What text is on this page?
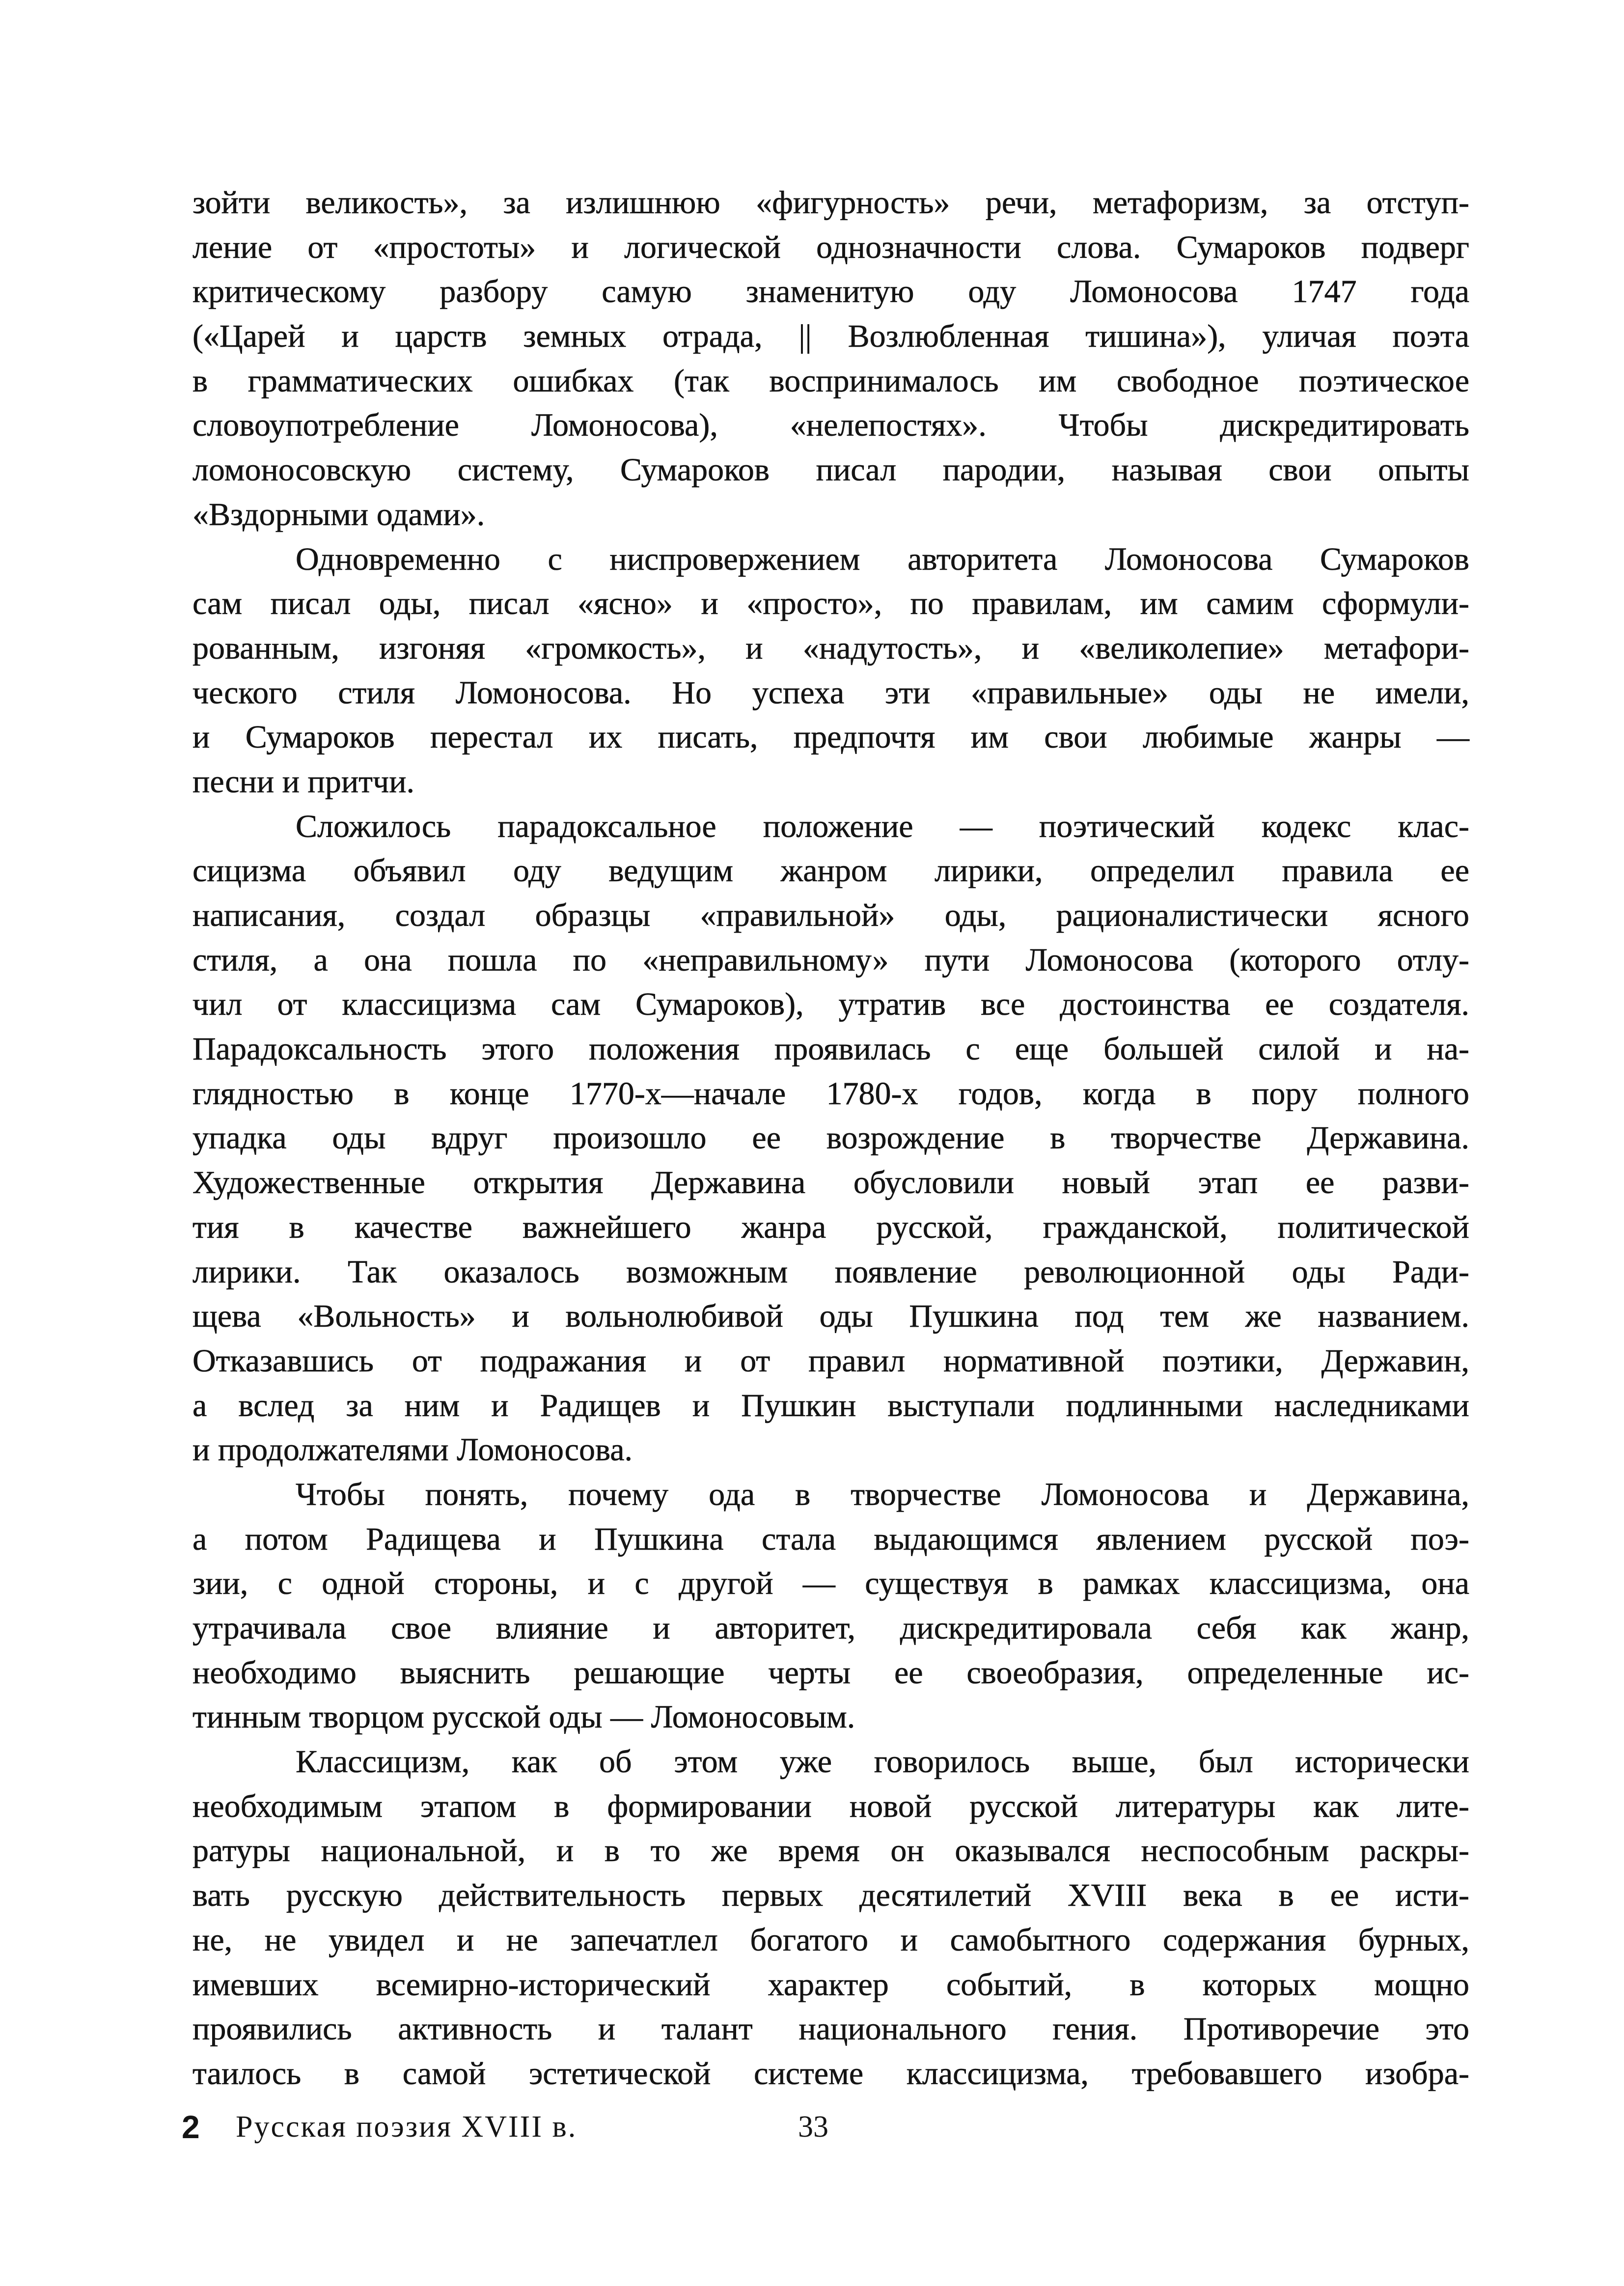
зойти великость», за излишнюю «фигурность» речи, метафоризм, за отступ-
ление от «простоты» и логической однозначности слова. Сумароков подверг
критическому разбору самую знаменитую оду Ломоносова 1747 года
(«Царей и царств земных отрада, || Возлюбленная тишина»), уличая поэта
в грамматических ошибках (так воспринималось им свободное поэтическое
словоупотребление Ломоносова), «нелепостях». Чтобы дискредитировать
ломоносовскую систему, Сумароков писал пародии, называя свои опыты
«Вздорными одами».
Одновременно с ниспровержением авторитета Ломоносова Сумароков
сам писал оды, писал «ясно» и «просто», по правилам, им самим сформули-
рованным, изгоняя «громкость», и «надутость», и «великолепие» метафори-
ческого стиля Ломоносова. Но успеха эти «правильные» оды не имели,
и Сумароков перестал их писать, предпочтя им свои любимые жанры —
песни и притчи.
Сложилось парадоксальное положение — поэтический кодекс клас-
сицизма объявил оду ведущим жанром лирики, определил правила ее
написания, создал образцы «правильной» оды, рационалистически ясного
стиля, а она пошла по «неправильному» пути Ломоносова (которого отлу-
чил от классицизма сам Сумароков), утратив все достоинства ее создателя.
Парадоксальность этого положения проявилась с еще большей силой и на-
глядностью в конце 1770-х—начале 1780-х годов, когда в пору полного
упадка оды вдруг произошло ее возрождение в творчестве Державина.
Художественные открытия Державина обусловили новый этап ее разви-
тия в качестве важнейшего жанра русской, гражданской, политической
лирики. Так оказалось возможным появление революционной оды Ради-
щева «Вольность» и вольнолюбивой оды Пушкина под тем же названием.
Отказавшись от подражания и от правил нормативной поэтики, Державин,
а вслед за ним и Радищев и Пушкин выступали подлинными наследниками
и продолжателями Ломоносова.
Чтобы понять, почему ода в творчестве Ломоносова и Державина,
а потом Радищева и Пушкина стала выдающимся явлением русской поэ-
зии, с одной стороны, и с другой — существуя в рамках классицизма, она
утрачивала свое влияние и авторитет, дискредитировала себя как жанр,
необходимо выяснить решающие черты ее своеобразия, определенные ис-
тинным творцом русской оды — Ломоносовым.
Классицизм, как об этом уже говорилось выше, был исторически
необходимым этапом в формировании новой русской литературы как лите-
ратуры национальной, и в то же время он оказывался неспособным раскры-
вать русскую действительность первых десятилетий XVIII века в ее исти-
не, не увидел и не запечатлел богатого и самобытного содержания бурных,
имевших всемирно-исторический характер событий, в которых мощно
проявились активность и талант национального гения. Противоречие это
таилось в самой эстетической системе классицизма, требовавшего изобра-
2 Русская поэзия XVIII в.	33
